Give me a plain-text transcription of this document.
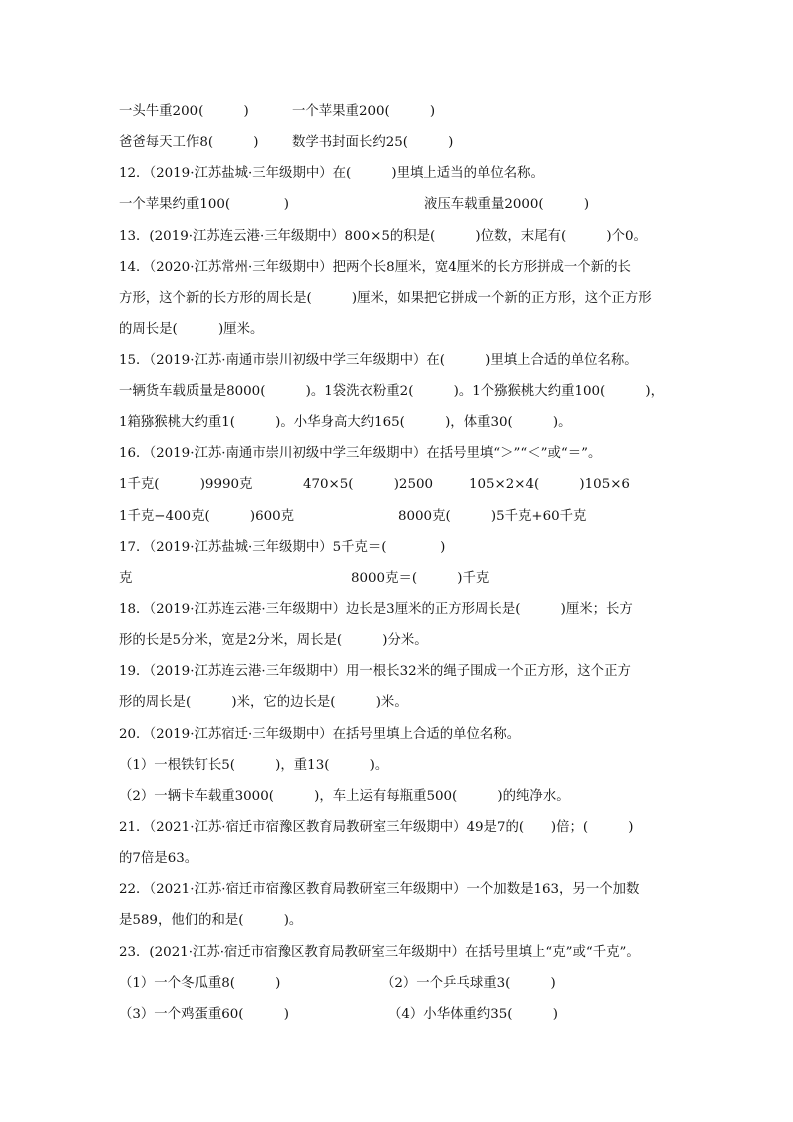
一头牛重200(　　　)	一个苹果重200(　　　)
爸爸每天工作8(　　　)	数学书封面长约25(　　　)
12．（2019·江苏盐城·三年级期中）在(　　　)里填上适当的单位名称。
一个苹果约重100(　　　　)	液压车载重量2000(　　　)
13．(2019·江苏连云港·三年级期中）800×5的积是(　　　)位数，末尾有(　　　)个0。
14．（2020·江苏常州·三年级期中）把两个长8厘米，宽4厘米的长方形拼成一个新的长
方形，这个新的长方形的周长是(　　　)厘米，如果把它拼成一个新的正方形，这个正方形
的周长是(　　　)厘米。
15．（2019·江苏·南通市崇川初级中学三年级期中）在(　　　)里填上合适的单位名称。
一辆货车载质量是8000(　　　)。1袋洗衣粉重2(　　　)。1个猕猴桃大约重100(　　　)，
1箱猕猴桃大约重1(　　　)。小华身高大约165(　　　)，体重30(　　　)。
16．（2019·江苏·南通市崇川初级中学三年级期中）在括号里填“＞”“＜”或“＝”。
1千克(　　　)9990克	470×5(　　　)2500	105×2×4(　　　)105×6
1千克−400克(　　　)600克	8000克(　　　)5千克+60千克
17．（2019·江苏盐城·三年级期中）5千克＝(　　　　)
克	8000克＝(　　　)千克
18．（2019·江苏连云港·三年级期中）边长是3厘米的正方形周长是(　　　)厘米；长方
形的长是5分米，宽是2分米，周长是(　　　)分米。
19．（2019·江苏连云港·三年级期中）用一根长32米的绳子围成一个正方形，这个正方
形的周长是(　　　)米，它的边长是(　　　)米。
20．（2019·江苏宿迁·三年级期中）在括号里填上合适的单位名称。
（1）一根铁钉长5(　　　)，重13(　　　)。
（2）一辆卡车载重3000(　　　)，车上运有每瓶重500(　　　)的纯净水。
21．（2021·江苏·宿迁市宿豫区教育局教研室三年级期中）49是7的(　　)倍；(　　　)
的7倍是63。
22．（2021·江苏·宿迁市宿豫区教育局教研室三年级期中）一个加数是163，另一个加数
是589，他们的和是(　　　)。
23．(2021·江苏·宿迁市宿豫区教育局教研室三年级期中）在括号里填上“克”或“千克”。
（1）一个冬瓜重8(　　　)	（2）一个乒乓球重3(　　　)
（3）一个鸡蛋重60(　　　)	（4）小华体重约35(　　　)
